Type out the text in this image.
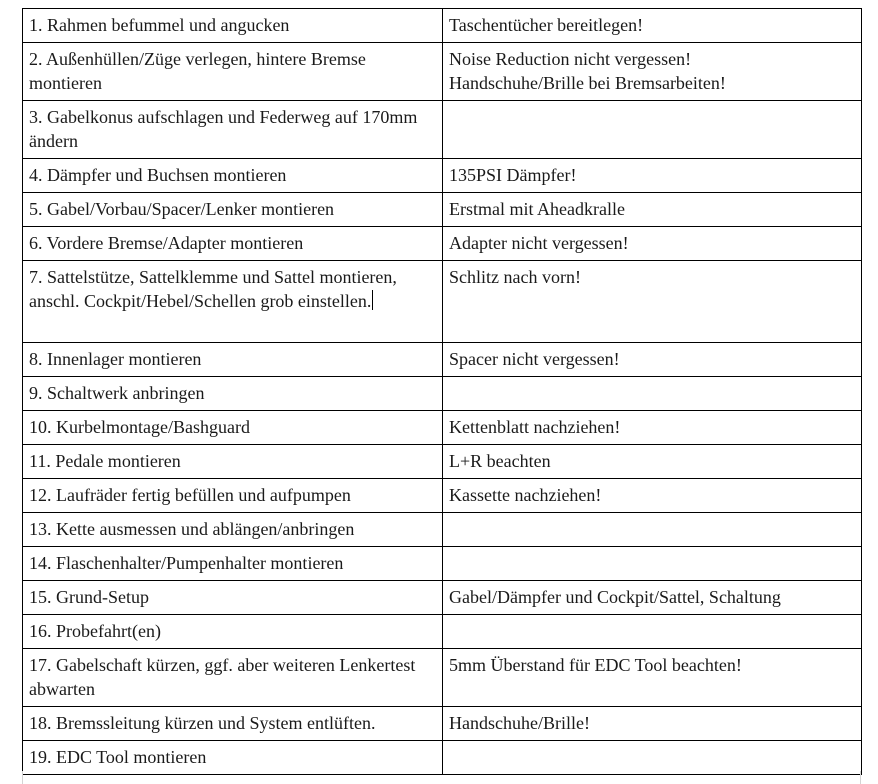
1. Rahmen befummel und angucken	Taschentücher bereitlegen!
2. Außenhüllen/Züge verlegen, hintere Bremse montieren	Noise Reduction nicht vergessen!
Handschuhe/Brille bei Bremsarbeiten!
3. Gabelkonus aufschlagen und Federweg auf 170mm ändern	
4. Dämpfer und Buchsen montieren	135PSI Dämpfer!
5. Gabel/Vorbau/Spacer/Lenker montieren	Erstmal mit Aheadkralle
6. Vordere Bremse/Adapter montieren	Adapter nicht vergessen!
7. Sattelstütze, Sattelklemme und Sattel montieren, anschl. Cockpit/Hebel/Schellen grob einstellen.	Schlitz nach vorn!
8. Innenlager montieren	Spacer nicht vergessen!
9. Schaltwerk anbringen	
10. Kurbelmontage/Bashguard	Kettenblatt nachziehen!
11. Pedale montieren	L+R beachten
12. Laufräder fertig befüllen und aufpumpen	Kassette nachziehen!
13. Kette ausmessen und ablängen/anbringen	
14. Flaschenhalter/Pumpenhalter montieren	
15. Grund-Setup	Gabel/Dämpfer und Cockpit/Sattel, Schaltung
16. Probefahrt(en)	
17. Gabelschaft kürzen, ggf. aber weiteren Lenkertest abwarten	5mm Überstand für EDC Tool beachten!
18. Bremssleitung kürzen und System entlüften.	Handschuhe/Brille!
19. EDC Tool montieren	
